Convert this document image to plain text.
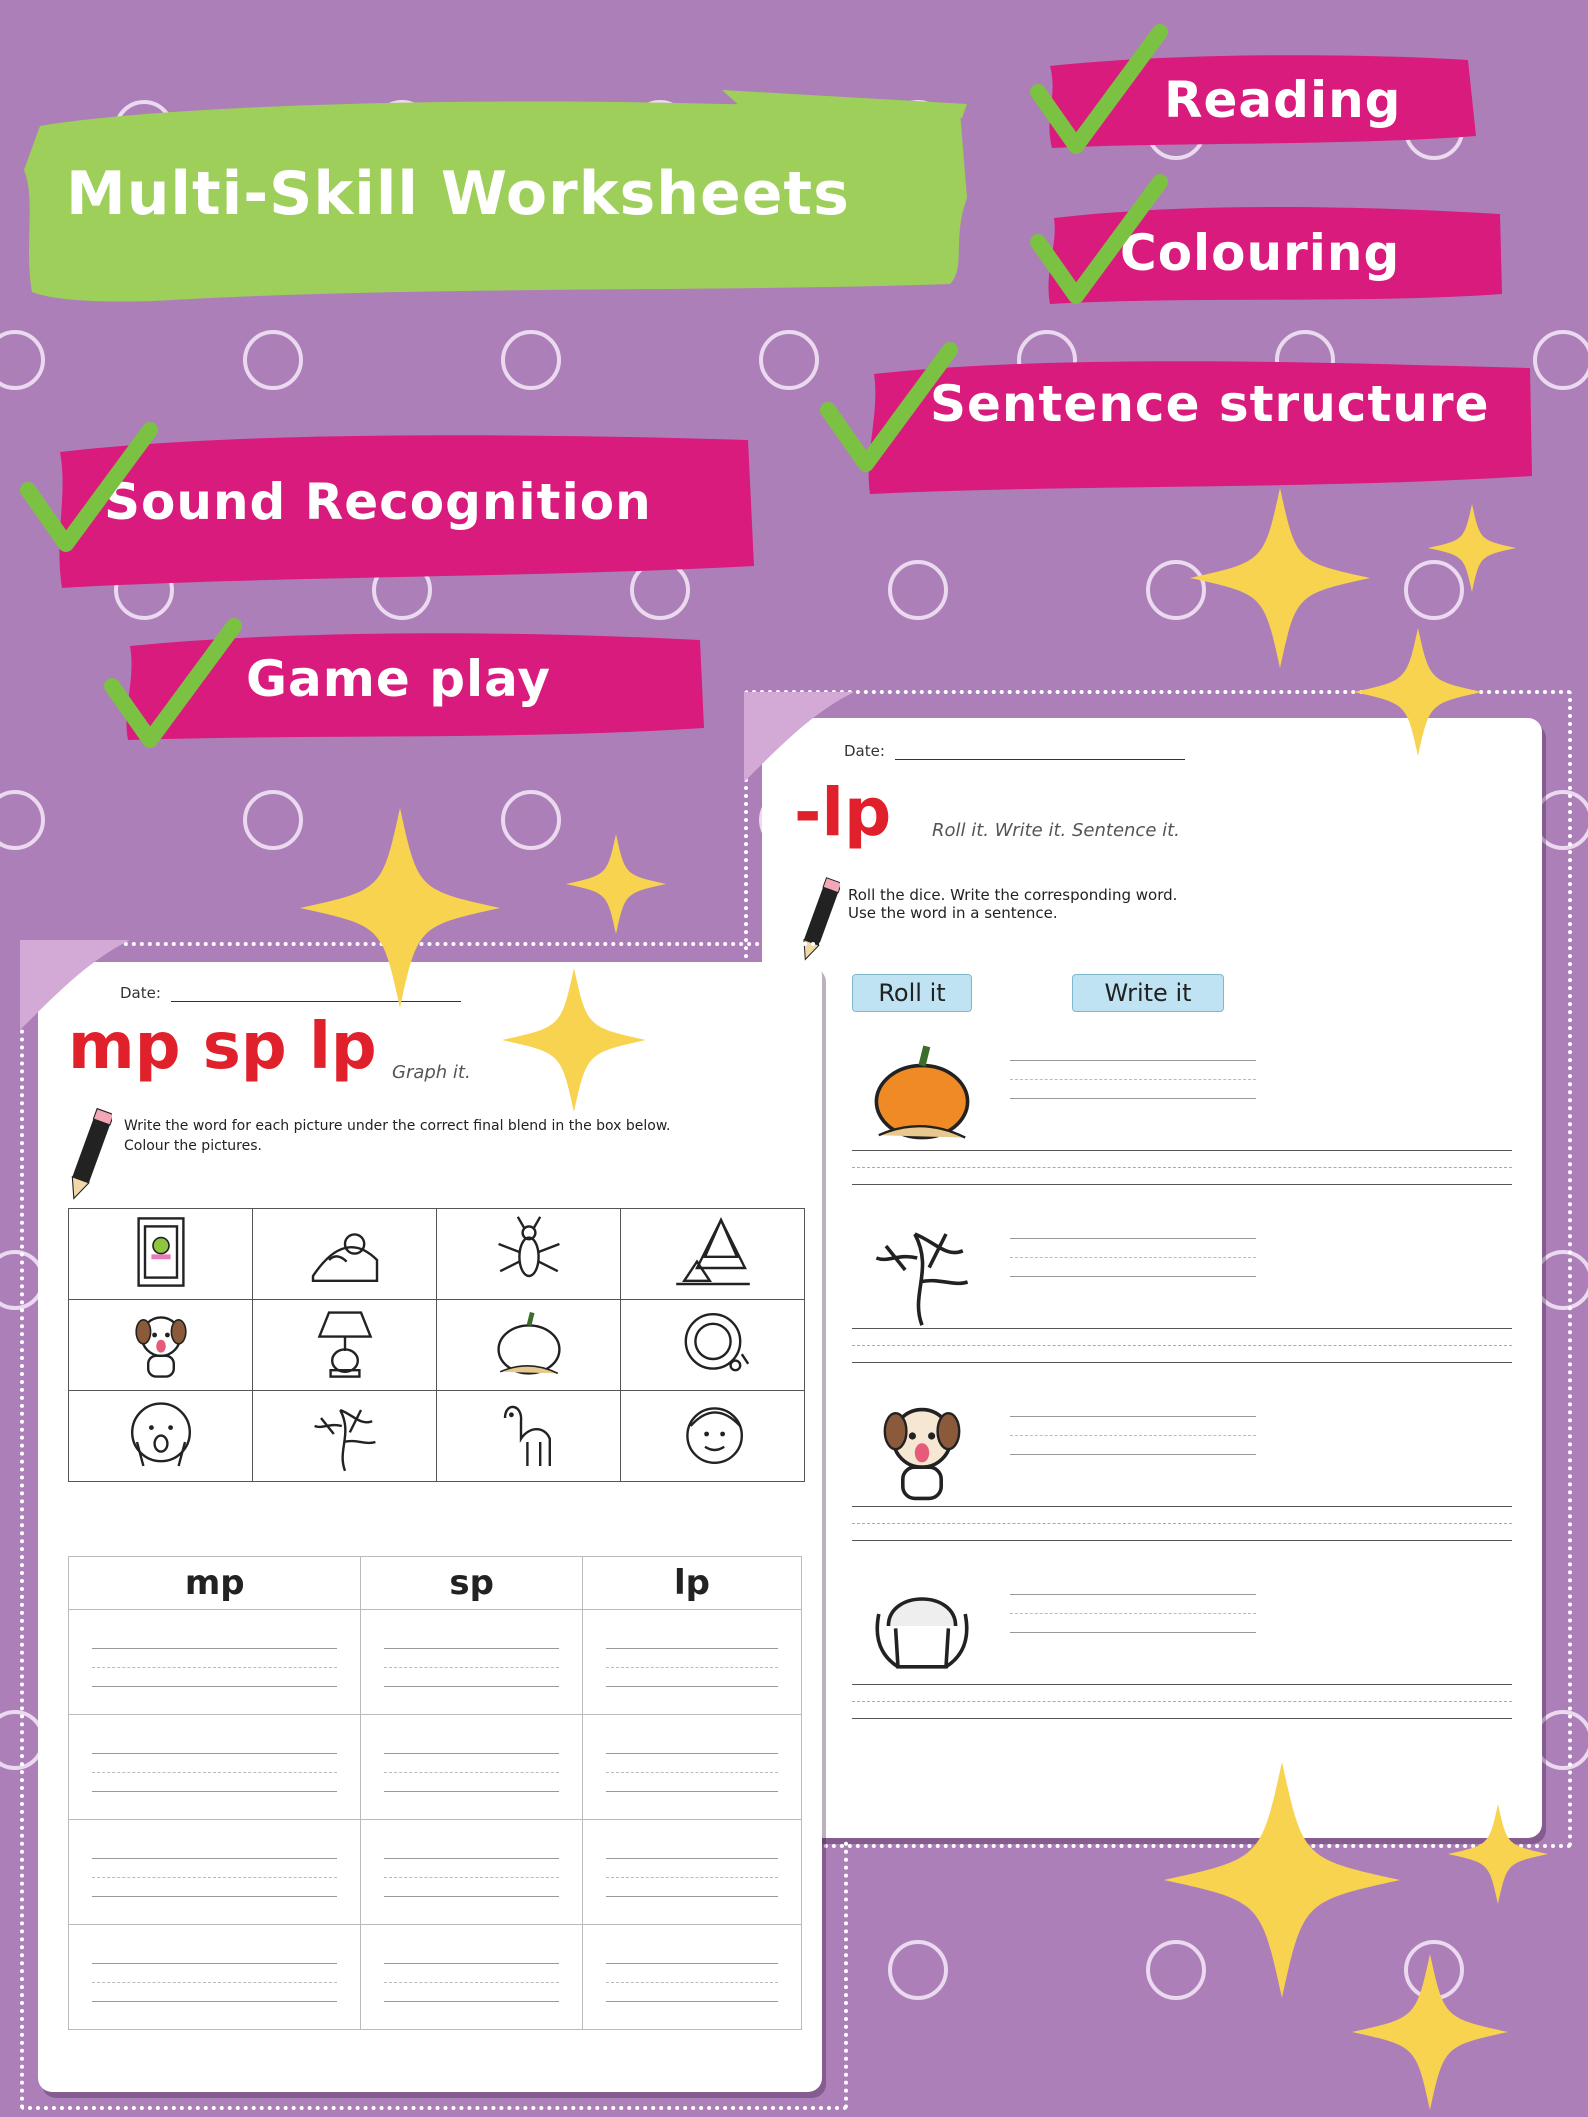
Multi-Skill Worksheets
Reading
Colouring
Sentence structure
Sound Recognition
Game play
Date:
-lp Roll it. Write it. Sentence it.
Roll the dice. Write the corresponding word.
Use the word in a sentence.
Roll it	Write it
Date:
mp sp lp Graph it.
Write the word for each picture under the correct final blend in the box below.
Colour the pictures.

mp	sp	lp
